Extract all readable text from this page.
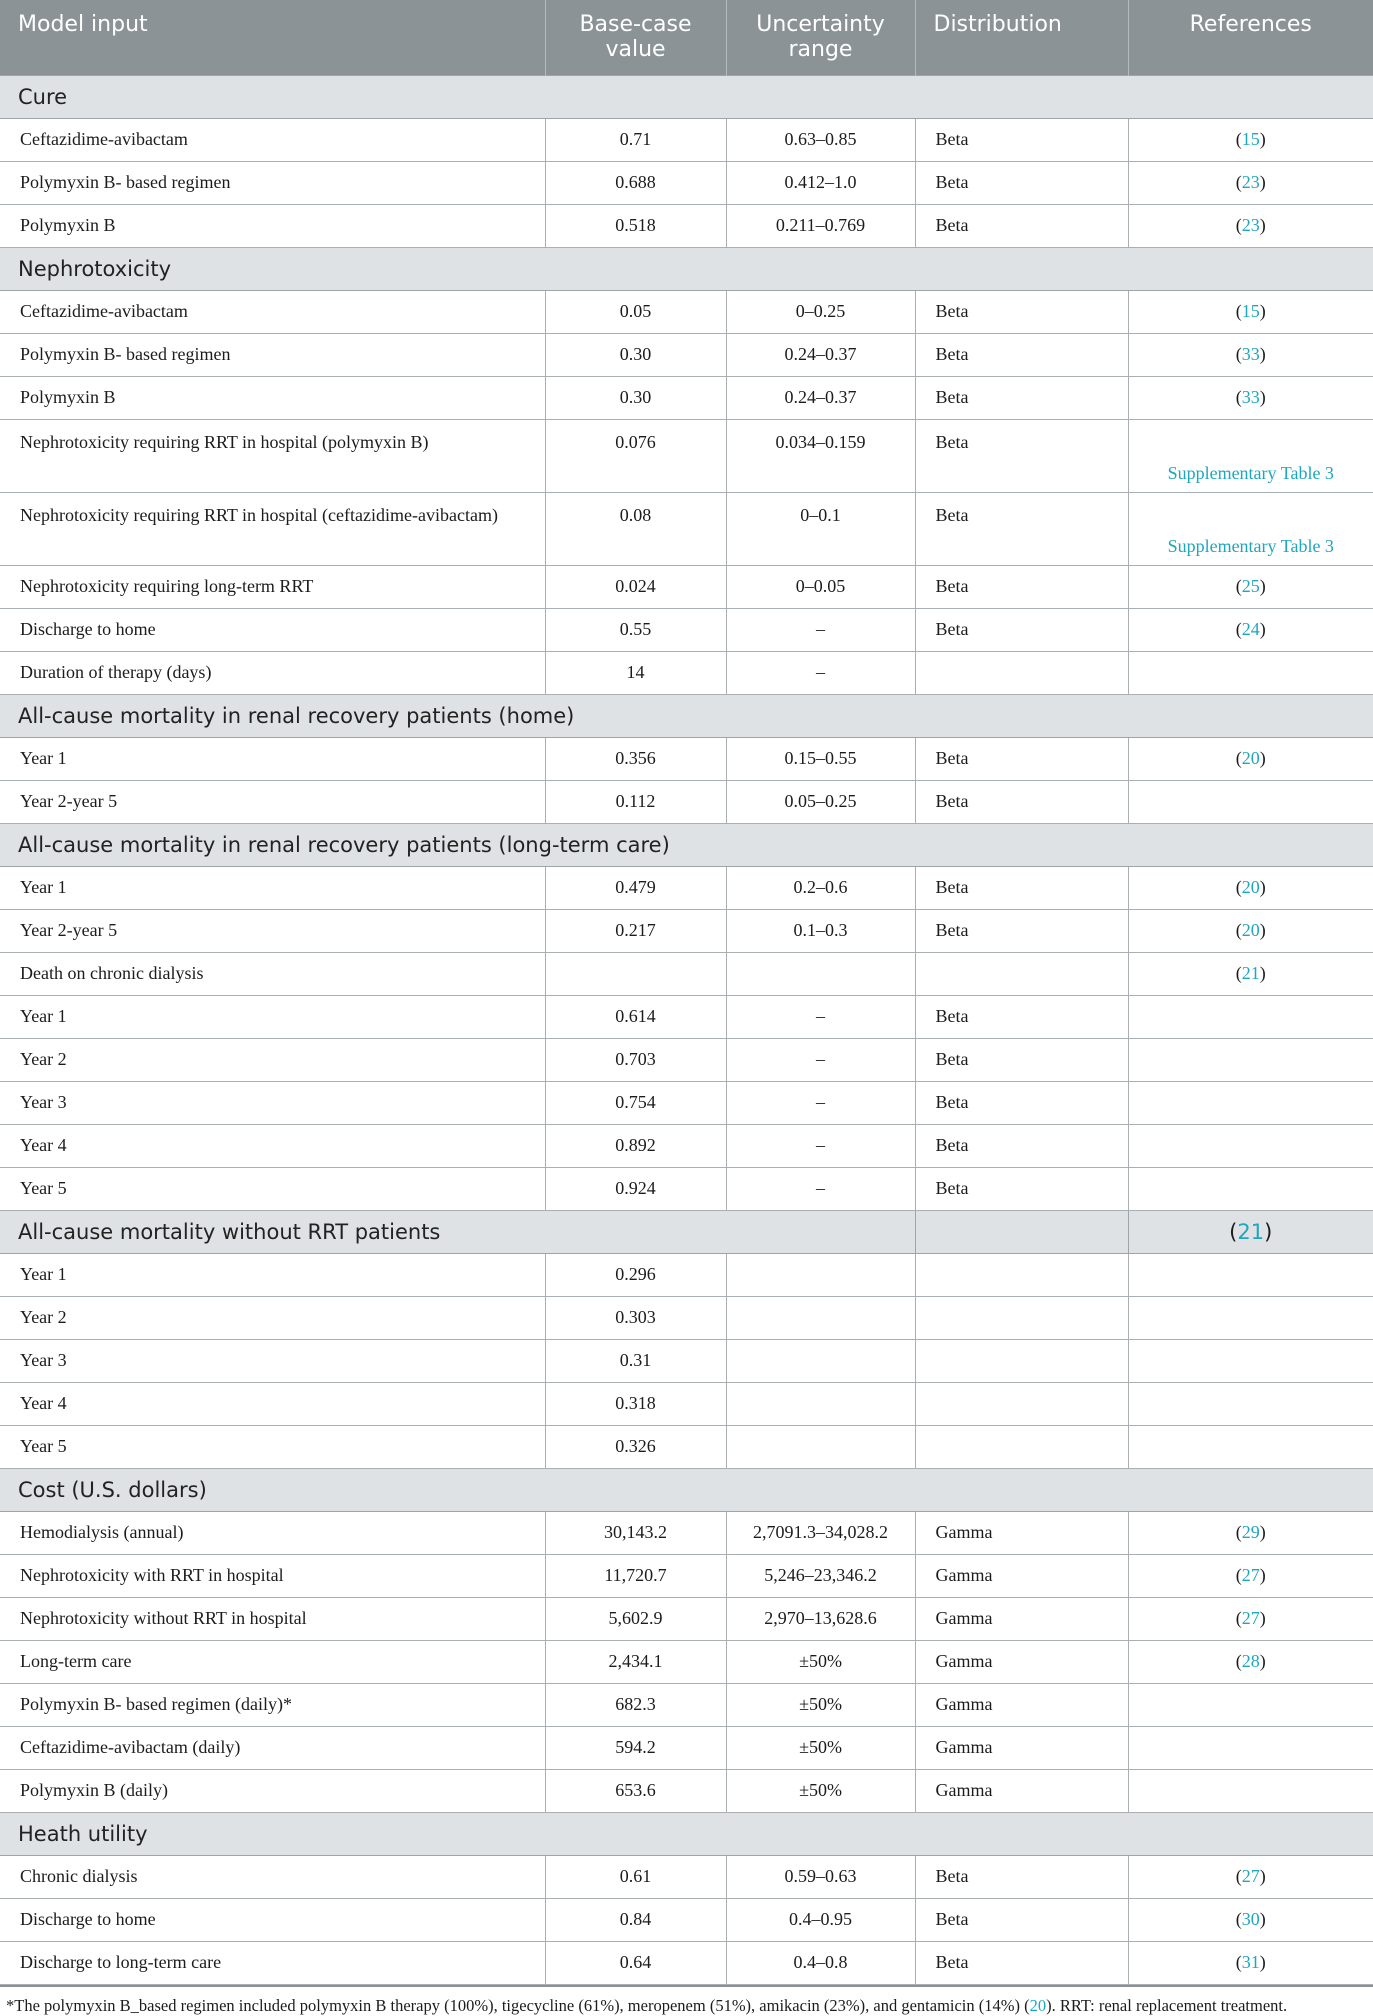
Model input	Base-case value	Uncertainty range	Distribution	References
Cure				
Ceftazidime-avibactam	0.71	0.63–0.85	Beta	(15)
Polymyxin B- based regimen	0.688	0.412–1.0	Beta	(23)
Polymyxin B	0.518	0.211–0.769	Beta	(23)
Nephrotoxicity				
Ceftazidime-avibactam	0.05	0–0.25	Beta	(15)
Polymyxin B- based regimen	0.30	0.24–0.37	Beta	(33)
Polymyxin B	0.30	0.24–0.37	Beta	(33)
Nephrotoxicity requiring RRT in hospital (polymyxin B)	0.076	0.034–0.159	Beta	Supplementary Table 3
Nephrotoxicity requiring RRT in hospital (ceftazidime-avibactam)	0.08	0–0.1	Beta	Supplementary Table 3
Nephrotoxicity requiring long-term RRT	0.024	0–0.05	Beta	(25)
Discharge to home	0.55	–	Beta	(24)
Duration of therapy (days)	14	–		
All-cause mortality in renal recovery patients (home)				
Year 1	0.356	0.15–0.55	Beta	(20)
Year 2-year 5	0.112	0.05–0.25	Beta	
All-cause mortality in renal recovery patients (long-term care)				
Year 1	0.479	0.2–0.6	Beta	(20)
Year 2-year 5	0.217	0.1–0.3	Beta	(20)
Death on chronic dialysis				(21)
Year 1	0.614	–	Beta	
Year 2	0.703	–	Beta	
Year 3	0.754	–	Beta	
Year 4	0.892	–	Beta	
Year 5	0.924	–	Beta	
All-cause mortality without RRT patients				(21)
Year 1	0.296			
Year 2	0.303			
Year 3	0.31			
Year 4	0.318			
Year 5	0.326			
Cost (U.S. dollars)				
Hemodialysis (annual)	30,143.2	2,7091.3–34,028.2	Gamma	(29)
Nephrotoxicity with RRT in hospital	11,720.7	5,246–23,346.2	Gamma	(27)
Nephrotoxicity without RRT in hospital	5,602.9	2,970–13,628.6	Gamma	(27)
Long-term care	2,434.1	±50%	Gamma	(28)
Polymyxin B- based regimen (daily)*	682.3	±50%	Gamma	
Ceftazidime-avibactam (daily)	594.2	±50%	Gamma	
Polymyxin B (daily)	653.6	±50%	Gamma	
Heath utility				
Chronic dialysis	0.61	0.59–0.63	Beta	(27)
Discharge to home	0.84	0.4–0.95	Beta	(30)
Discharge to long-term care	0.64	0.4–0.8	Beta	(31)
*The polymyxin B_based regimen included polymyxin B therapy (100%), tigecycline (61%), meropenem (51%), amikacin (23%), and gentamicin (14%) (20). RRT: renal replacement treatment.
